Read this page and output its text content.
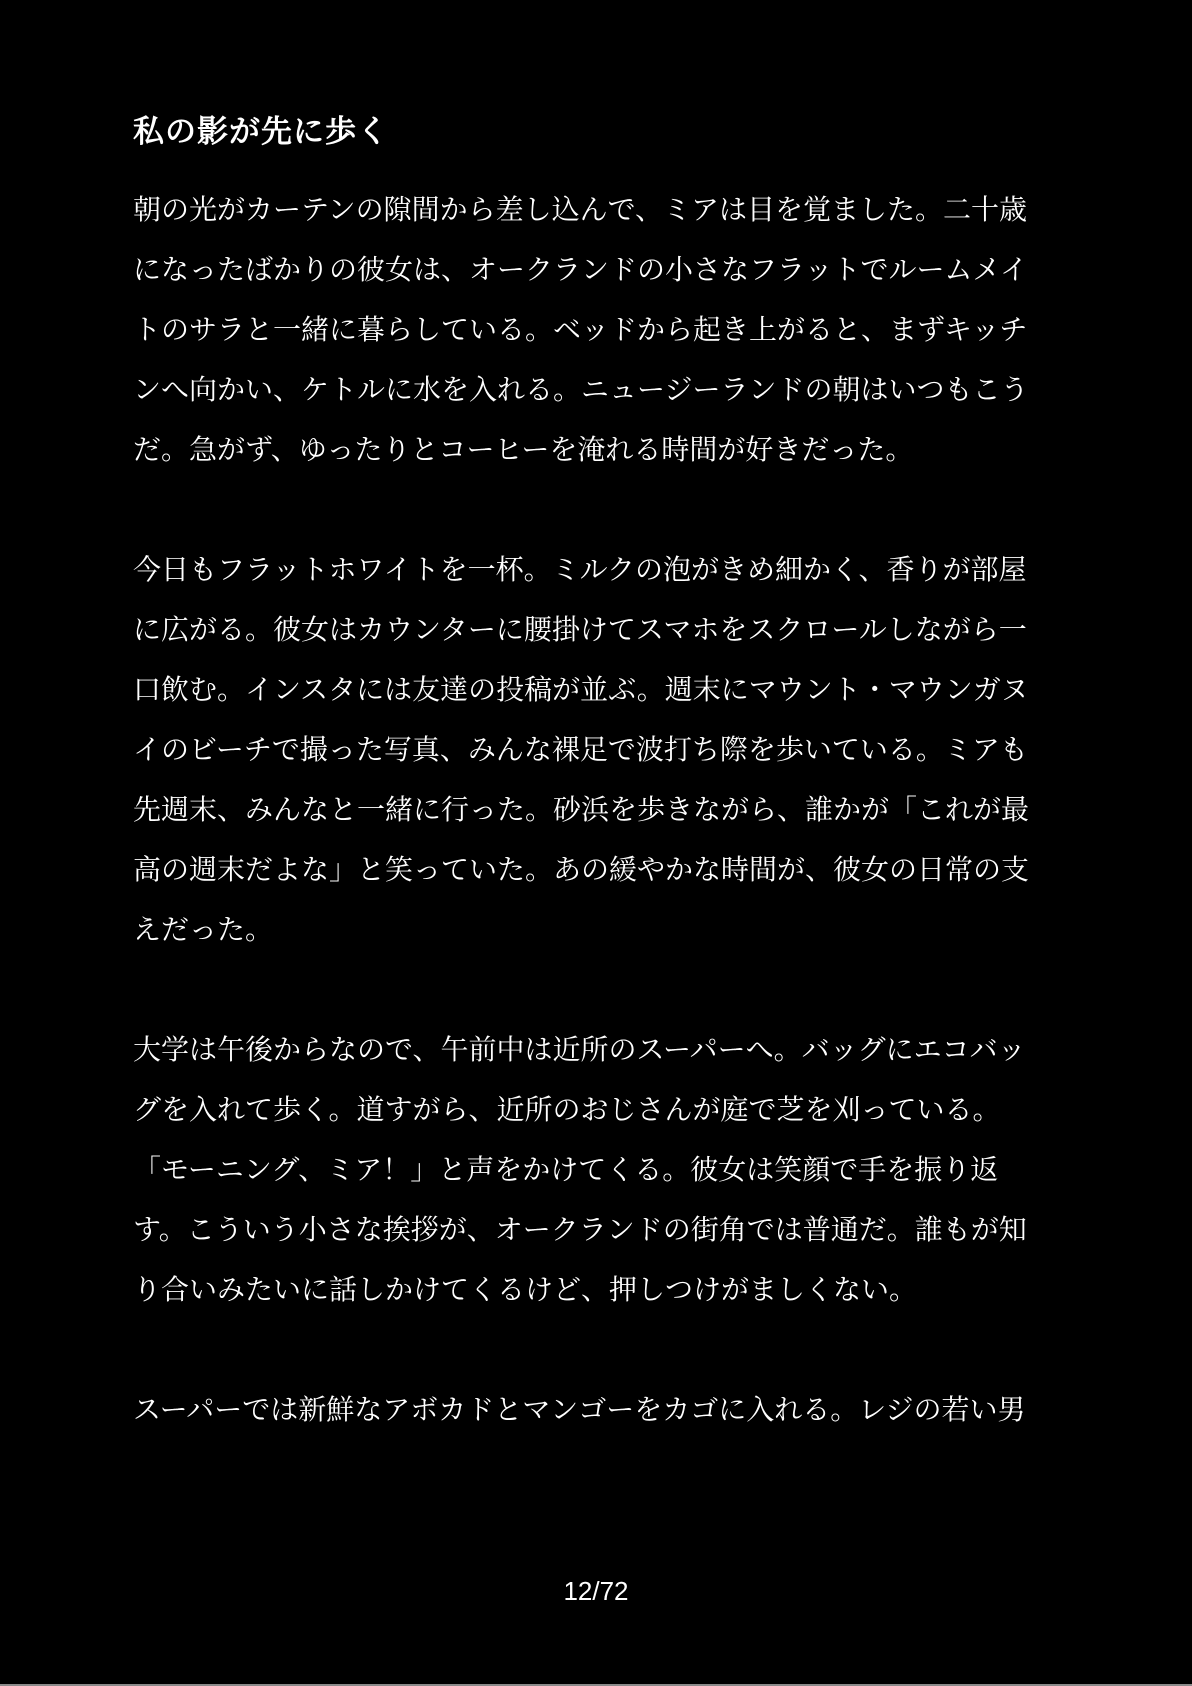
私の影が先に歩く

朝の光がカーテンの隙間から差し込んで、ミアは目を覚ました。二十歳になったばかりの彼女は、オークランドの小さなフラットでルームメイトのサラと一緒に暮らしている。ベッドから起き上がると、まずキッチンへ向かい、ケトルに水を入れる。ニュージーランドの朝はいつもこうだ。急がず、ゆったりとコーヒーを淹れる時間が好きだった。

今日もフラットホワイトを一杯。ミルクの泡がきめ細かく、香りが部屋に広がる。彼女はカウンターに腰掛けてスマホをスクロールしながら一口飲む。インスタには友達の投稿が並ぶ。週末にマウント・マウンガヌイのビーチで撮った写真、みんな裸足で波打ち際を歩いている。ミアも先週末、みんなと一緒に行った。砂浜を歩きながら、誰かが「これが最高の週末だよな」と笑っていた。あの緩やかな時間が、彼女の日常の支えだった。

大学は午後からなので、午前中は近所のスーパーへ。バッグにエコバッグを入れて歩く。道すがら、近所のおじさんが庭で芝を刈っている。「モーニング、ミア！」と声をかけてくる。彼女は笑顔で手を振り返す。こういう小さな挨拶が、オークランドの街角では普通だ。誰もが知り合いみたいに話しかけてくるけど、押しつけがましくない。

スーパーでは新鮮なアボカドとマンゴーをカゴに入れる。レジの若い男

12/72
